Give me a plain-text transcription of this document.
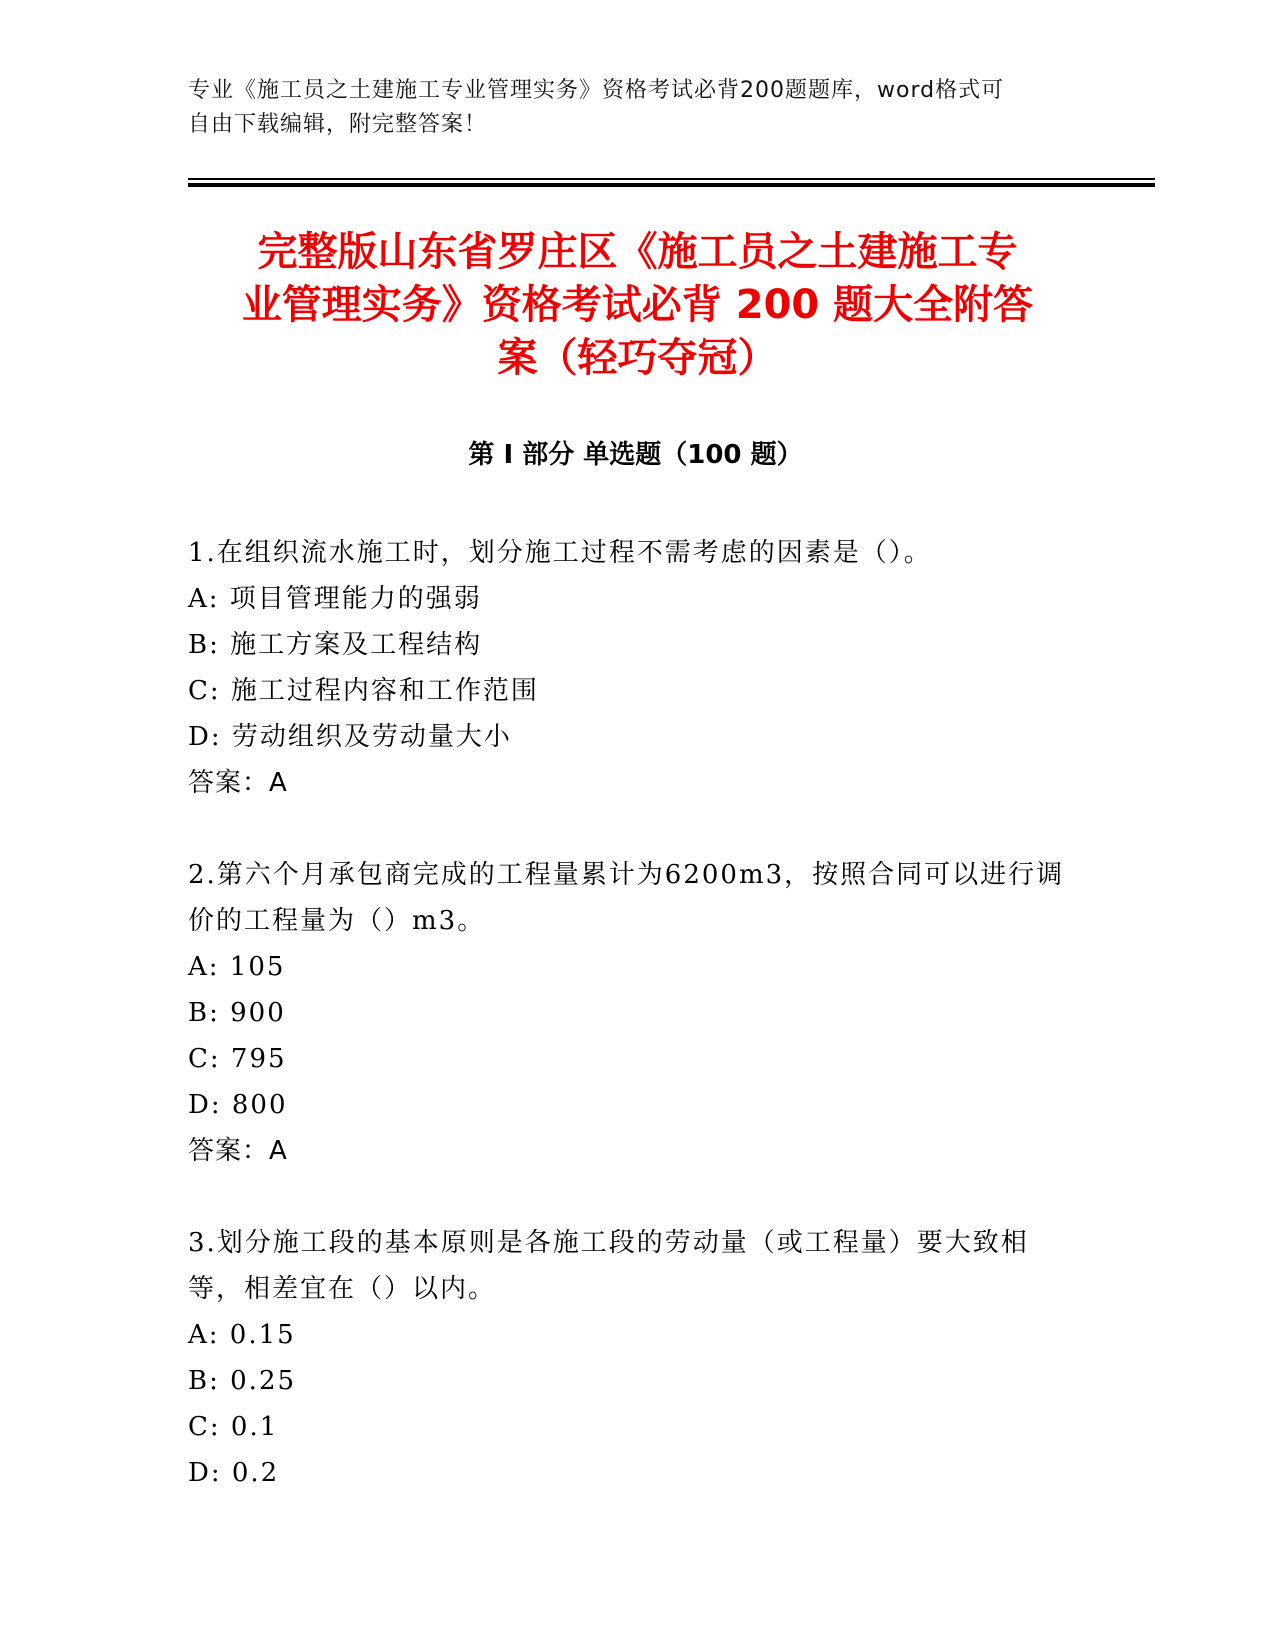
专业《施工员之土建施工专业管理实务》资格考试必背200题题库，word格式可
自由下载编辑，附完整答案！
完整版山东省罗庄区《施工员之土建施工专
业管理实务》资格考试必背 200 题大全附答
案（轻巧夺冠）
第 I 部分 单选题（100 题）
1.在组织流水施工时，划分施工过程不需考虑的因素是（）。
A: 项目管理能力的强弱
B: 施工方案及工程结构
C: 施工过程内容和工作范围
D: 劳动组织及劳动量大小
答案：A
2.第六个月承包商完成的工程量累计为6200m3，按照合同可以进行调
价的工程量为（）m3。
A: 105
B: 900
C: 795
D: 800
答案：A
3.划分施工段的基本原则是各施工段的劳动量（或工程量）要大致相
等，相差宜在（）以内。
A: 0.15
B: 0.25
C: 0.1
D: 0.2
